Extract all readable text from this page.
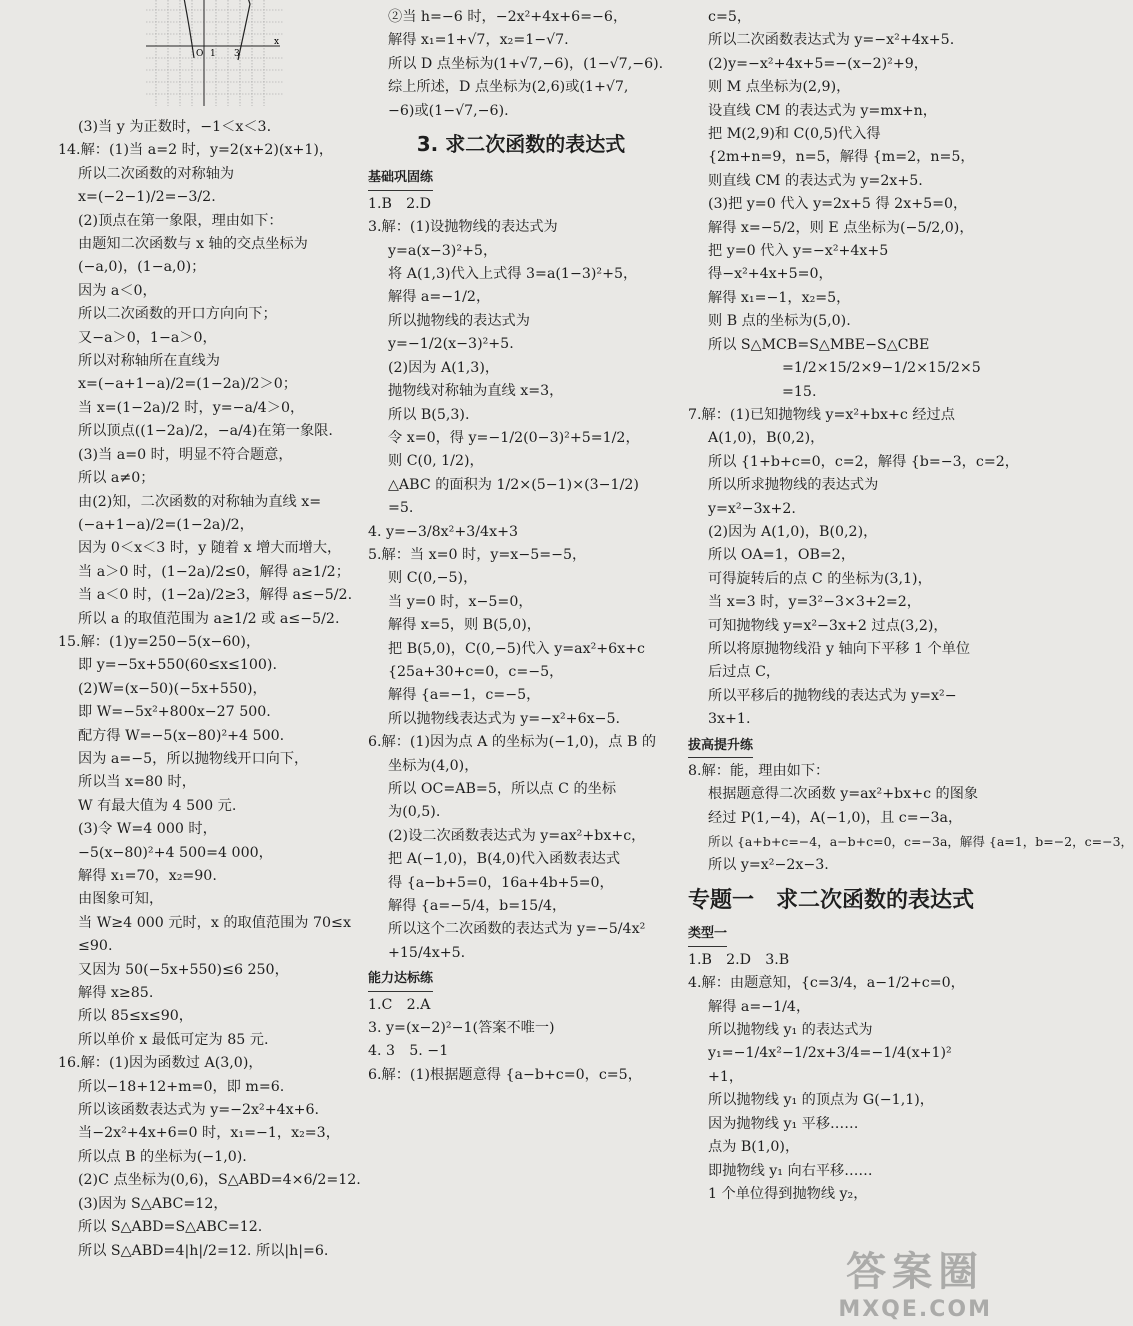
O 1 3
x
(3)当 y 为正数时，−1＜x＜3.
14.解：(1)当 a=2 时，y=2(x+2)(x+1)，
所以二次函数的对称轴为
x=(−2−1)/2=−3/2.
(2)顶点在第一象限，理由如下：
由题知二次函数与 x 轴的交点坐标为
(−a,0)，(1−a,0)；
因为 a＜0，
所以二次函数的开口方向向下；
又−a＞0，1−a＞0，
所以对称轴所在直线为
x=(−a+1−a)/2=(1−2a)/2＞0；
当 x=(1−2a)/2 时，y=−a/4＞0，
所以顶点((1−2a)/2，−a/4)在第一象限.
(3)当 a=0 时，明显不符合题意，
所以 a≠0；
由(2)知，二次函数的对称轴为直线 x=
(−a+1−a)/2=(1−2a)/2，
因为 0＜x＜3 时，y 随着 x 增大而增大，
当 a＞0 时，(1−2a)/2≤0，解得 a≥1/2；
当 a＜0 时，(1−2a)/2≥3，解得 a≤−5/2.
所以 a 的取值范围为 a≥1/2 或 a≤−5/2.
15.解：(1)y=250−5(x−60)，
即 y=−5x+550(60≤x≤100).
(2)W=(x−50)(−5x+550)，
即 W=−5x²+800x−27 500.
配方得 W=−5(x−80)²+4 500.
因为 a=−5，所以抛物线开口向下，
所以当 x=80 时，
W 有最大值为 4 500 元.
(3)令 W=4 000 时，
−5(x−80)²+4 500=4 000，
解得 x₁=70，x₂=90.
由图象可知，
当 W≥4 000 元时，x 的取值范围为 70≤x
≤90.
又因为 50(−5x+550)≤6 250，
解得 x≥85.
所以 85≤x≤90，
所以单价 x 最低可定为 85 元.
16.解：(1)因为函数过 A(3,0)，
所以−18+12+m=0，即 m=6.
所以该函数表达式为 y=−2x²+4x+6.
当−2x²+4x+6=0 时，x₁=−1，x₂=3，
所以点 B 的坐标为(−1,0).
(2)C 点坐标为(0,6)，S△ABD=4×6/2=12.
(3)因为 S△ABC=12，
所以 S△ABD=S△ABC=12.
所以 S△ABD=4|h|/2=12. 所以|h|=6.
②当 h=−6 时，−2x²+4x+6=−6，
解得 x₁=1+√7，x₂=1−√7.
所以 D 点坐标为(1+√7,−6)，(1−√7,−6).
综上所述，D 点坐标为(2,6)或(1+√7,
−6)或(1−√7,−6).
3. 求二次函数的表达式
基础巩固练
1.B　2.D
3.解：(1)设抛物线的表达式为
y=a(x−3)²+5，
将 A(1,3)代入上式得 3=a(1−3)²+5，
解得 a=−1/2，
所以抛物线的表达式为
y=−1/2(x−3)²+5.
(2)因为 A(1,3)，
抛物线对称轴为直线 x=3，
所以 B(5,3).
令 x=0，得 y=−1/2(0−3)²+5=1/2，
则 C(0, 1/2)，
△ABC 的面积为 1/2×(5−1)×(3−1/2)
=5.
4. y=−3/8x²+3/4x+3
5.解：当 x=0 时，y=x−5=−5，
则 C(0,−5)，
当 y=0 时，x−5=0，
解得 x=5，则 B(5,0)，
把 B(5,0)，C(0,−5)代入 y=ax²+6x+c
{25a+30+c=0，c=−5，
解得 {a=−1，c=−5，
所以抛物线表达式为 y=−x²+6x−5.
6.解：(1)因为点 A 的坐标为(−1,0)，点 B 的
坐标为(4,0)，
所以 OC=AB=5，所以点 C 的坐标
为(0,5).
(2)设二次函数表达式为 y=ax²+bx+c，
把 A(−1,0)，B(4,0)代入函数表达式
得 {a−b+5=0，16a+4b+5=0，
解得 {a=−5/4，b=15/4，
所以这个二次函数的表达式为 y=−5/4x²
+15/4x+5.
能力达标练
1.C　2.A
3. y=(x−2)²−1(答案不唯一)
4. 3　5. −1
6.解：(1)根据题意得 {a−b+c=0，c=5，
c=5，
所以二次函数表达式为 y=−x²+4x+5.
(2)y=−x²+4x+5=−(x−2)²+9，
则 M 点坐标为(2,9)，
设直线 CM 的表达式为 y=mx+n，
把 M(2,9)和 C(0,5)代入得
{2m+n=9，n=5，解得 {m=2，n=5，
则直线 CM 的表达式为 y=2x+5.
(3)把 y=0 代入 y=2x+5 得 2x+5=0，
解得 x=−5/2，则 E 点坐标为(−5/2,0)，
把 y=0 代入 y=−x²+4x+5
得−x²+4x+5=0，
解得 x₁=−1，x₂=5，
则 B 点的坐标为(5,0).
所以 S△MCB=S△MBE−S△CBE
=1/2×15/2×9−1/2×15/2×5
=15.
7.解：(1)已知抛物线 y=x²+bx+c 经过点
A(1,0)，B(0,2)，
所以 {1+b+c=0，c=2，解得 {b=−3，c=2，
所以所求抛物线的表达式为
y=x²−3x+2.
(2)因为 A(1,0)，B(0,2)，
所以 OA=1，OB=2，
可得旋转后的点 C 的坐标为(3,1)，
当 x=3 时，y=3²−3×3+2=2，
可知抛物线 y=x²−3x+2 过点(3,2)，
所以将原抛物线沿 y 轴向下平移 1 个单位
后过点 C，
所以平移后的抛物线的表达式为 y=x²−
3x+1.
拔高提升练
8.解：能，理由如下：
根据题意得二次函数 y=ax²+bx+c 的图象
经过 P(1,−4)，A(−1,0)，且 c=−3a，
所以 {a+b+c=−4，a−b+c=0，c=−3a，解得 {a=1，b=−2，c=−3，
所以 y=x²−2x−3.
专题一　求二次函数的表达式
类型一
1.B　2.D　3.B
4.解：由题意知，{c=3/4，a−1/2+c=0，
解得 a=−1/4，
所以抛物线 y₁ 的表达式为
y₁=−1/4x²−1/2x+3/4=−1/4(x+1)²
+1，
所以抛物线 y₁ 的顶点为 G(−1,1)，
因为抛物线 y₁ 平移……
点为 B(1,0)，
即抛物线 y₁ 向右平移……
1 个单位得到抛物线 y₂，
答案圈
MXQE.COM
